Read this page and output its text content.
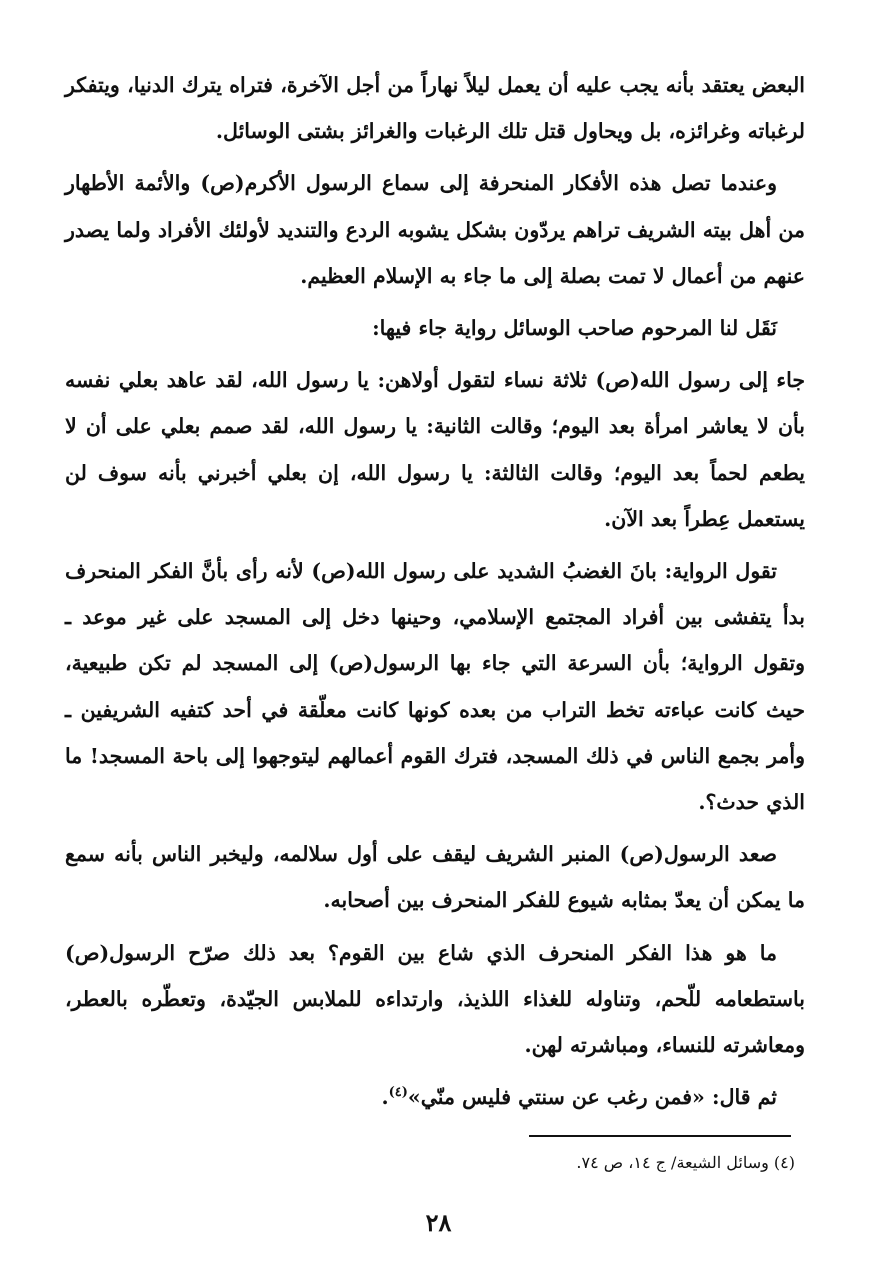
البعض يعتقد بأنه يجب عليه أن يعمل ليلاً نهاراً من أجل الآخرة، فتراه يترك الدنيا، ويتفكر لرغباته وغرائزه، بل ويحاول قتل تلك الرغبات والغرائز بشتى الوسائل.

وعندما تصل هذه الأفكار المنحرفة إلى سماع الرسول الأكرم(ص) والأئمة الأطهار من أهل بيته الشريف تراهم يردّون بشكل يشوبه الردع والتنديد لأولئك الأفراد ولما يصدر عنهم من أعمال لا تمت بصلة إلى ما جاء به الإسلام العظيم.

نَقَل لنا المرحوم صاحب الوسائل رواية جاء فيها:

جاء إلى رسول الله(ص) ثلاثة نساء لتقول أولاهن: يا رسول الله، لقد عاهد بعلي نفسه بأن لا يعاشر امرأة بعد اليوم؛ وقالت الثانية: يا رسول الله، لقد صمم بعلي على أن لا يطعم لحماً بعد اليوم؛ وقالت الثالثة: يا رسول الله، إن بعلي أخبرني بأنه سوف لن يستعمل عِطراً بعد الآن.

تقول الرواية: بانَ الغضبُ الشديد على رسول الله(ص) لأنه رأى بأنَّ الفكر المنحرف بدأ يتفشى بين أفراد المجتمع الإسلامي، وحينها دخل إلى المسجد على غير موعد ـ وتقول الرواية؛ بأن السرعة التي جاء بها الرسول(ص) إلى المسجد لم تكن طبيعية، حيث كانت عباءته تخط التراب من بعده كونها كانت معلّقة في أحد كتفيه الشريفين ـ وأمر بجمع الناس في ذلك المسجد، فترك القوم أعمالهم ليتوجهوا إلى باحة المسجد! ما الذي حدث؟.

صعد الرسول(ص) المنبر الشريف ليقف على أول سلالمه، وليخبر الناس بأنه سمع ما يمكن أن يعدّ بمثابه شيوع للفكر المنحرف بين أصحابه.

ما هو هذا الفكر المنحرف الذي شاع بين القوم؟ بعد ذلك صرّح الرسول(ص) باستطعامه للّحم، وتناوله للغذاء اللذيذ، وارتداءه للملابس الجيّدة، وتعطّره بالعطر، ومعاشرته للنساء، ومباشرته لهن.

ثم قال: «فمن رغب عن سنتي فليس منّي»$^{(٤)}$.

(٤) وسائل الشيعة/ ج ١٤، ص ٧٤.
٢٨
